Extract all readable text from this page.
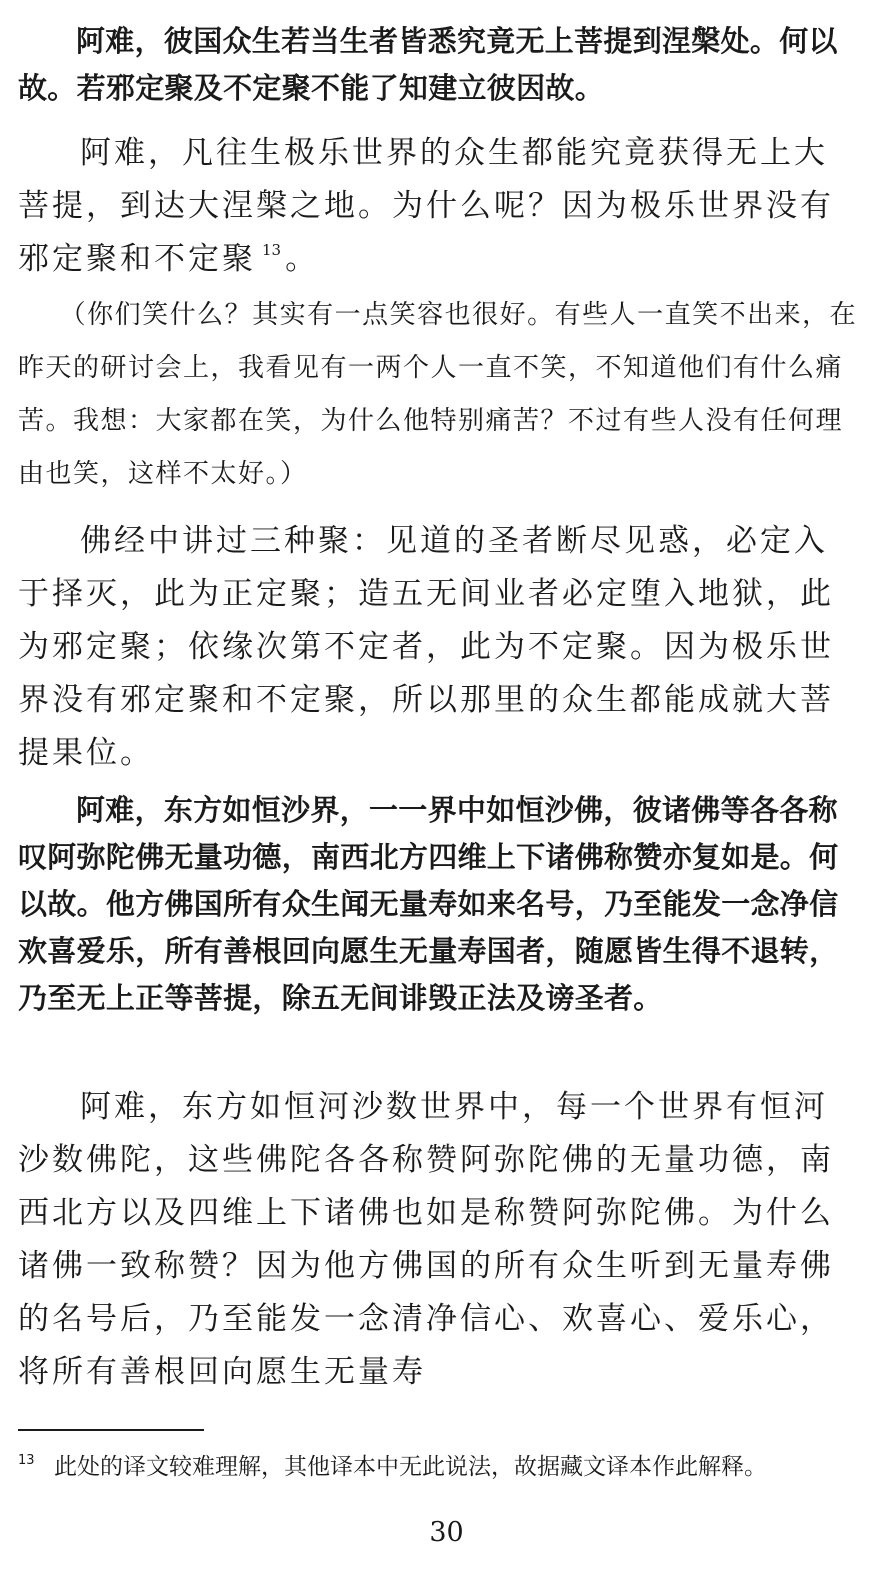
阿难，彼国众生若当生者皆悉究竟无上菩提到涅槃处。何以故。若邪定聚及不定聚不能了知建立彼因故。

阿难，凡往生极乐世界的众生都能究竟获得无上大菩提，到达大涅槃之地。为什么呢？因为极乐世界没有邪定聚和不定聚 $^{13}$ 。

（你们笑什么？其实有一点笑容也很好。有些人一直笑不出来，在昨天的研讨会上，我看见有一两个人一直不笑，不知道他们有什么痛苦。我想：大家都在笑，为什么他特别痛苦？不过有些人没有任何理由也笑，这样不太好。）

佛经中讲过三种聚：见道的圣者断尽见惑，必定入于择灭，此为正定聚；造五无间业者必定堕入地狱，此为邪定聚；依缘次第不定者，此为不定聚。因为极乐世界没有邪定聚和不定聚，所以那里的众生都能成就大菩提果位。

阿难，东方如恒沙界，一一界中如恒沙佛，彼诸佛等各各称叹阿弥陀佛无量功德，南西北方四维上下诸佛称赞亦复如是。何以故。他方佛国所有众生闻无量寿如来名号，乃至能发一念净信欢喜爱乐，所有善根回向愿生无量寿国者，随愿皆生得不退转，乃至无上正等菩提，除五无间诽毁正法及谤圣者。

阿难，东方如恒河沙数世界中，每一个世界有恒河沙数佛陀，这些佛陀各各称赞阿弥陀佛的无量功德，南西北方以及四维上下诸佛也如是称赞阿弥陀佛。为什么诸佛一致称赞？因为他方佛国的所有众生听到无量寿佛的名号后，乃至能发一念清净信心、欢喜心、爱乐心，将所有善根回向愿生无量寿

13 此处的译文较难理解，其他译本中无此说法，故据藏文译本作此解释。
30
